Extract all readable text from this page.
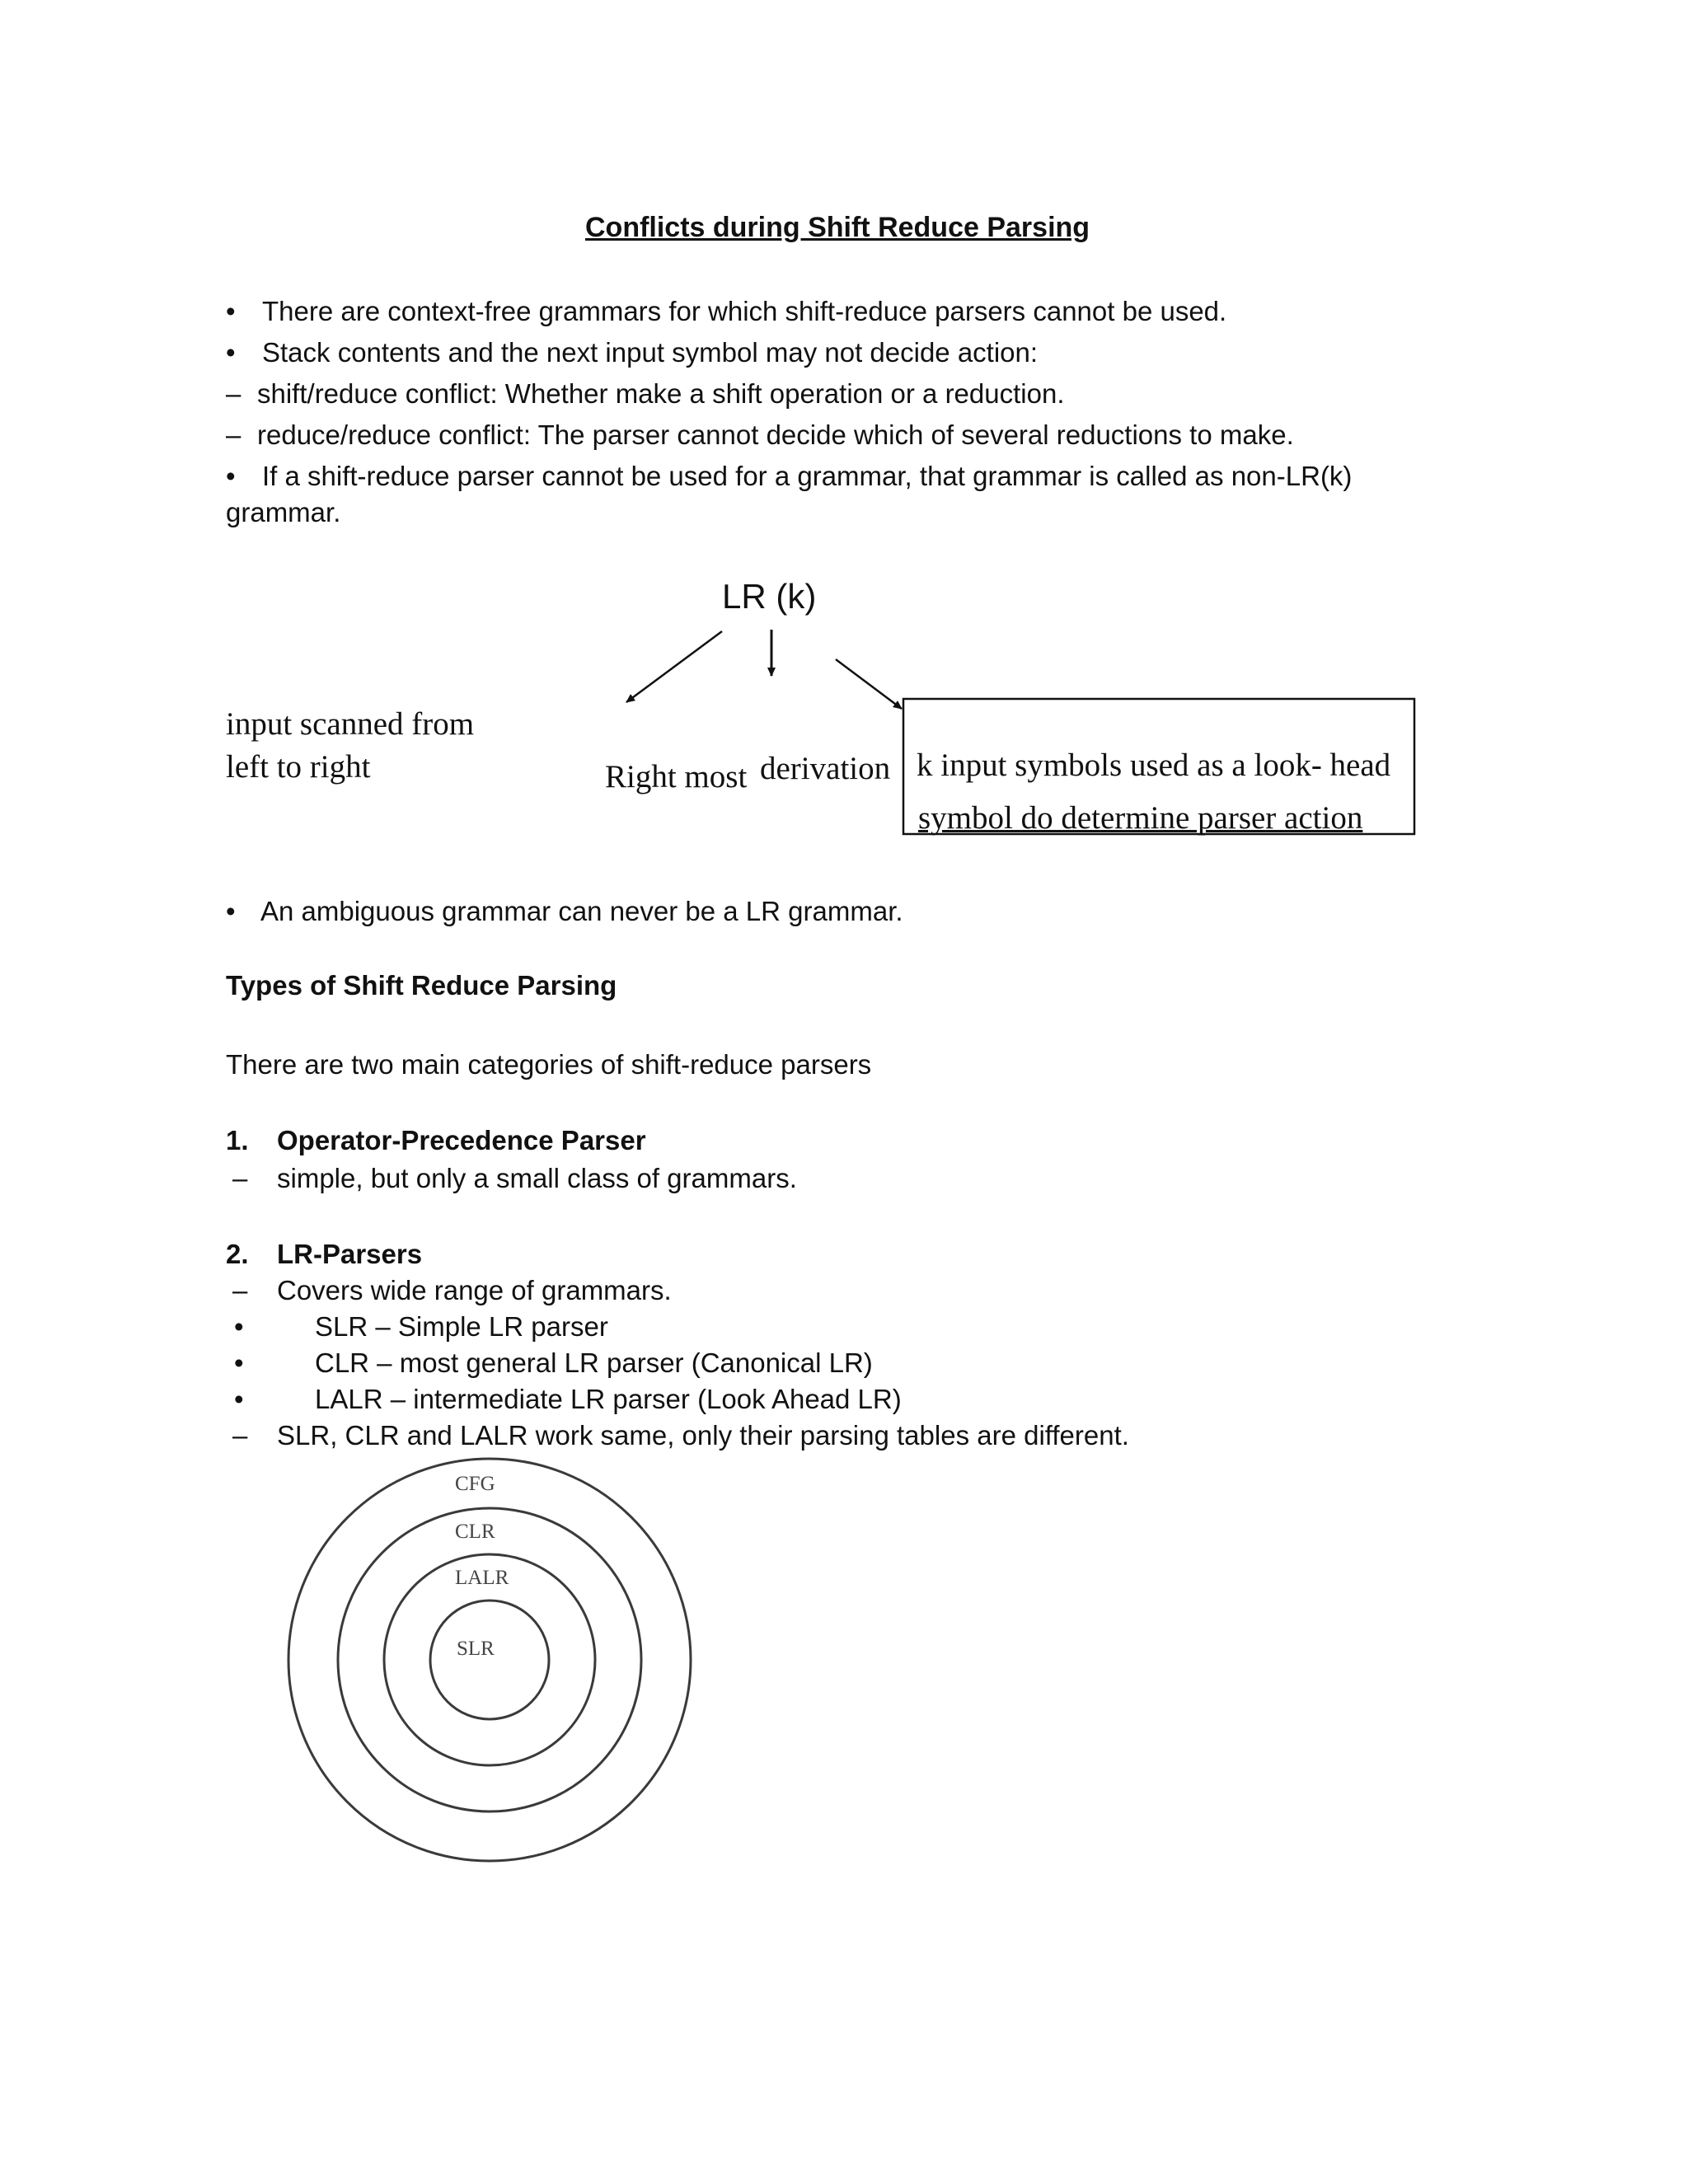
Conflicts during Shift Reduce Parsing
• There are context-free grammars for which shift-reduce parsers cannot be used.
• Stack contents and the next input symbol may not decide action:
– shift/reduce conflict: Whether make a shift operation or a reduction.
– reduce/reduce conflict: The parser cannot decide which of several reductions to make.
• If a shift-reduce parser cannot be used for a grammar, that grammar is called as non-LR(k)
grammar.
LR (k)
input scanned from
left to right	Right most derivation k input symbols used as a look- head
symbol do determine parser action
• An ambiguous grammar can never be a LR grammar.
Types of Shift Reduce Parsing
There are two main categories of shift-reduce parsers
1. Operator-Precedence Parser
– simple, but only a small class of grammars.
2. LR-Parsers
– Covers wide range of grammars.
•	SLR – Simple LR parser
•	CLR – most general LR parser (Canonical LR)
•	LALR – intermediate LR parser (Look Ahead LR)
– SLR, CLR and LALR work same, only their parsing tables are different.
CFG
CLR
LALR
SLR
